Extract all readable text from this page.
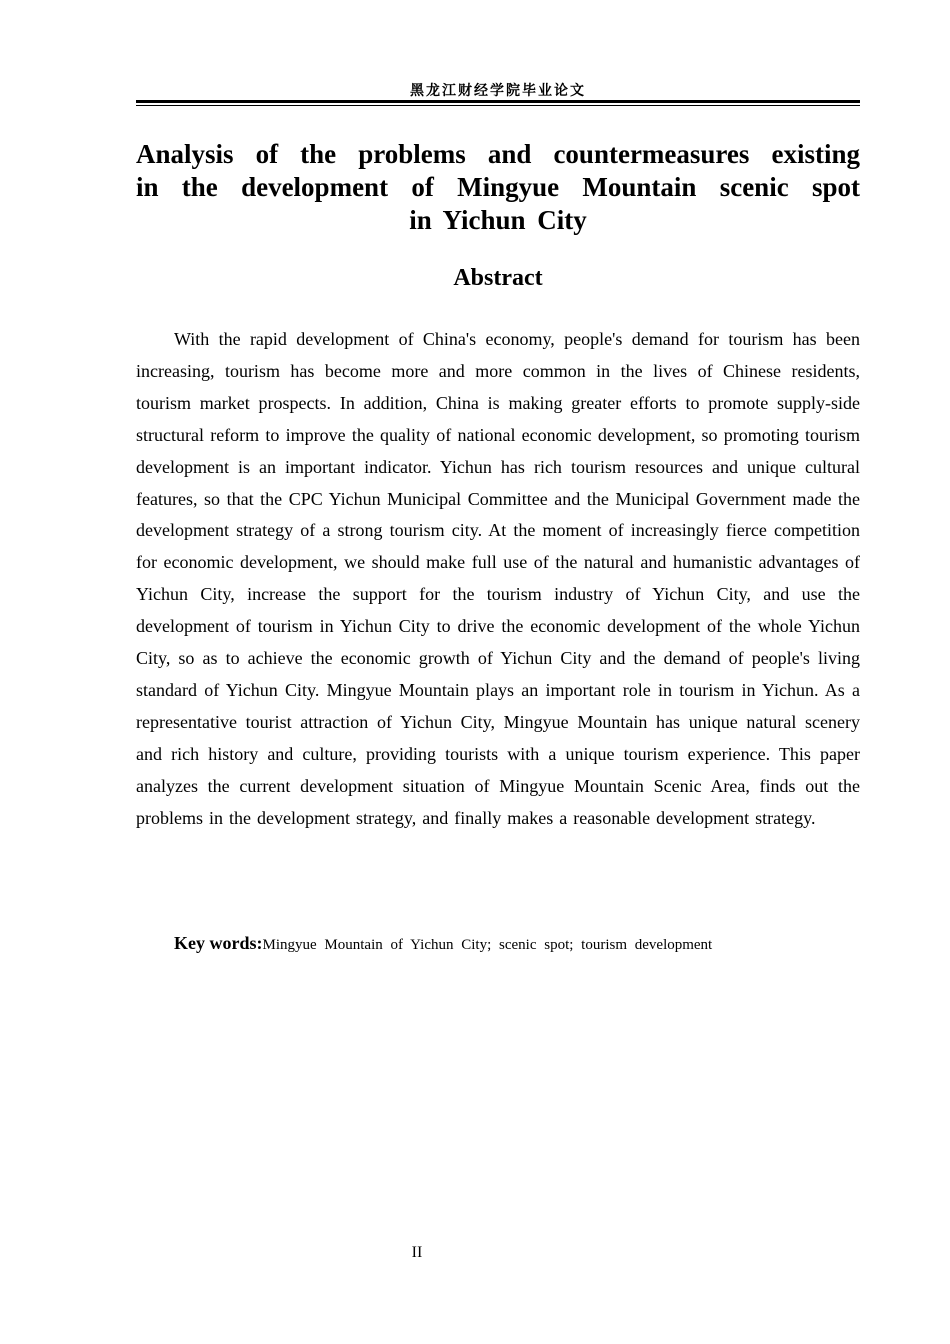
黑龙江财经学院毕业论文
Analysis of the problems and countermeasures existing
in the development of Mingyue Mountain scenic spot
in Yichun City
Abstract

With the rapid development of China's economy, people's demand for tourism has been increasing, tourism has become more and more common in the lives of Chinese residents, tourism market prospects. In addition, China is making greater efforts to promote supply-side structural reform to improve the quality of national economic development, so promoting tourism development is an important indicator. Yichun has rich tourism resources and unique cultural features, so that the CPC Yichun Municipal Committee and the Municipal Government made the development strategy of a strong tourism city. At the moment of increasingly fierce competition for economic development, we should make full use of the natural and humanistic advantages of Yichun City, increase the support for the tourism industry of Yichun City, and use the development of tourism in Yichun City to drive the economic development of the whole Yichun City, so as to achieve the economic growth of Yichun City and the demand of people's living standard of Yichun City. Mingyue Mountain plays an important role in tourism in Yichun. As a representative tourist attraction of Yichun City, Mingyue Mountain has unique natural scenery and rich history and culture, providing tourists with a unique tourism experience. This paper analyzes the current development situation of Mingyue Mountain Scenic Area, finds out the problems in the development strategy, and finally makes a reasonable development strategy.

Key words:Mingyue Mountain of Yichun City; scenic spot; tourism development
II
